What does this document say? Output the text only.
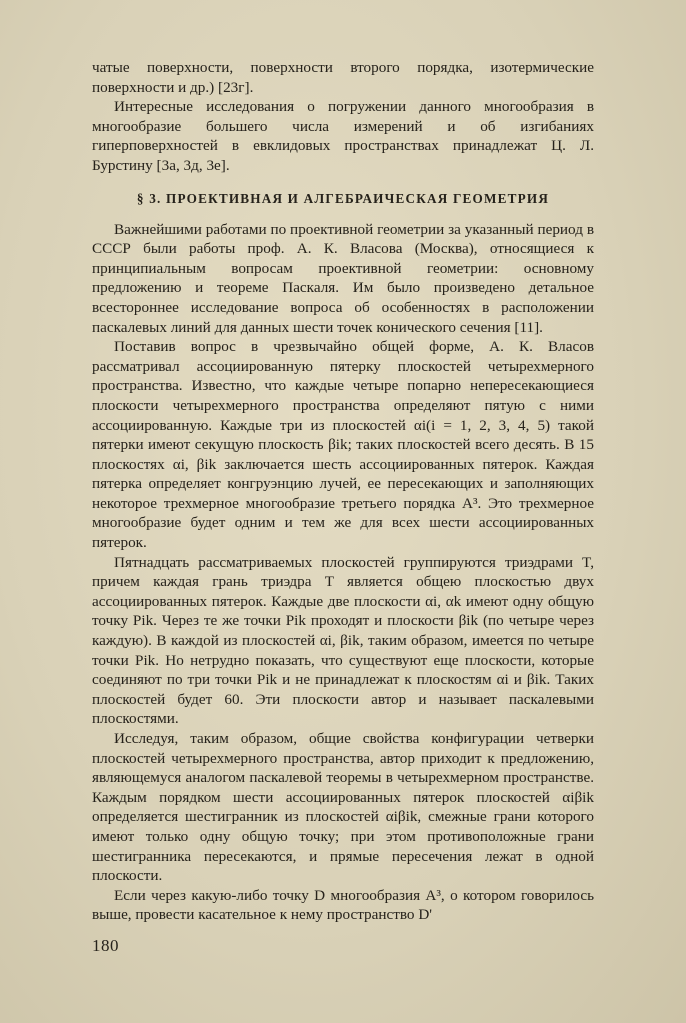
чатые поверхности, поверхности второго порядка, изотермические поверхности и др.) [23г].

Интересные исследования о погружении данного многообразия в многообразие большего числа измерений и об изгибаниях гиперповерхностей в евклидовых пространствах принадлежат Ц. Л. Бурстину [3а, 3д, 3е].

§ 3. ПРОЕКТИВНАЯ И АЛГЕБРАИЧЕСКАЯ ГЕОМЕТРИЯ

Важнейшими работами по проективной геометрии за указанный период в СССР были работы проф. А. К. Власова (Москва), относящиеся к принципиальным вопросам проективной геометрии: основному предложению и теореме Паскаля. Им было произведено детальное всестороннее исследование вопроса об особенностях в расположении паскалевых линий для данных шести точек конического сечения [11].

Поставив вопрос в чрезвычайно общей форме, А. К. Власов рассматривал ассоциированную пятерку плоскостей четырехмерного пространства. Известно, что каждые четыре попарно непересекающиеся плоскости четырехмерного пространства определяют пятую с ними ассоциированную. Каждые три из плоскостей αi(i = 1, 2, 3, 4, 5) такой пятерки имеют секущую плоскость βik; таких плоскостей всего десять. В 15 плоскостях αi, βik заключается шесть ассоциированных пятерок. Каждая пятерка определяет конгруэнцию лучей, ее пересекающих и заполняющих некоторое трехмерное многообразие третьего порядка A³. Это трехмерное многообразие будет одним и тем же для всех шести ассоциированных пятерок.

Пятнадцать рассматриваемых плоскостей группируются триэдрами T, причем каждая грань триэдра T является общею плоскостью двух ассоциированных пятерок. Каждые две плоскости αi, αk имеют одну общую точку Pik. Через те же точки Pik проходят и плоскости βik (по четыре через каждую). В каждой из плоскостей αi, βik, таким образом, имеется по четыре точки Pik. Но нетрудно показать, что существуют еще плоскости, которые соединяют по три точки Pik и не принадлежат к плоскостям αi и βik. Таких плоскостей будет 60. Эти плоскости автор и называет паскалевыми плоскостями.

Исследуя, таким образом, общие свойства конфигурации четверки плоскостей четырехмерного пространства, автор приходит к предложению, являющемуся аналогом паскалевой теоремы в четырехмерном пространстве. Каждым порядком шести ассоциированных пятерок плоскостей αiβik определяется шестигранник из плоскостей αiβik, смежные грани которого имеют только одну общую точку; при этом противоположные грани шестигранника пересекаются, и прямые пересечения лежат в одной плоскости.

Если через какую-либо точку D многообразия A³, о котором говорилось выше, провести касательное к нему пространство D'

180
